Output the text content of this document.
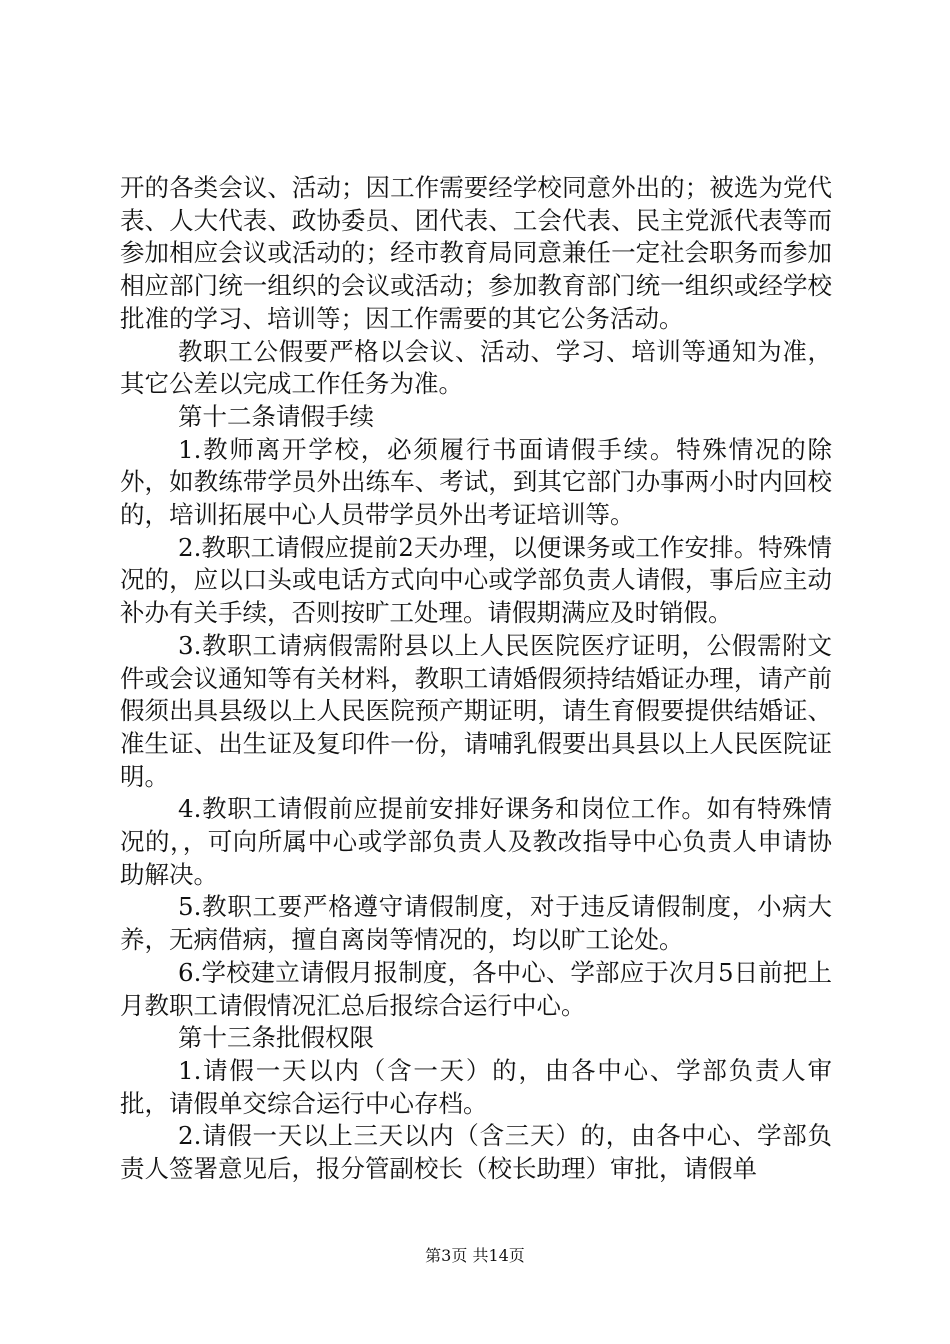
开的各类会议、活动；因工作需要经学校同意外出的；被选为党代表、人大代表、政协委员、团代表、工会代表、民主党派代表等而参加相应会议或活动的；经市教育局同意兼任一定社会职务而参加相应部门统一组织的会议或活动；参加教育部门统一组织或经学校批准的学习、培训等；因工作需要的其它公务活动。

教职工公假要严格以会议、活动、学习、培训等通知为准，其它公差以完成工作任务为准。

第十二条请假手续

1.教师离开学校，必须履行书面请假手续。特殊情况的除外，如教练带学员外出练车、考试，到其它部门办事两小时内回校的，培训拓展中心人员带学员外出考证培训等。

2.教职工请假应提前2天办理，以便课务或工作安排。特殊情况的，应以口头或电话方式向中心或学部负责人请假，事后应主动补办有关手续，否则按旷工处理。请假期满应及时销假。

3.教职工请病假需附县以上人民医院医疗证明，公假需附文件或会议通知等有关材料，教职工请婚假须持结婚证办理，请产前假须出具县级以上人民医院预产期证明，请生育假要提供结婚证、准生证、出生证及复印件一份，请哺乳假要出具县以上人民医院证明。

4.教职工请假前应提前安排好课务和岗位工作。如有特殊情况的，，可向所属中心或学部负责人及教改指导中心负责人申请协助解决。

5.教职工要严格遵守请假制度，对于违反请假制度，小病大养，无病借病，擅自离岗等情况的，均以旷工论处。

6.学校建立请假月报制度，各中心、学部应于次月5日前把上月教职工请假情况汇总后报综合运行中心。

第十三条批假权限

1.请假一天以内（含一天）的，由各中心、学部负责人审批，请假单交综合运行中心存档。

2.请假一天以上三天以内（含三天）的，由各中心、学部负责人签署意见后，报分管副校长（校长助理）审批，请假单

第3页 共14页
